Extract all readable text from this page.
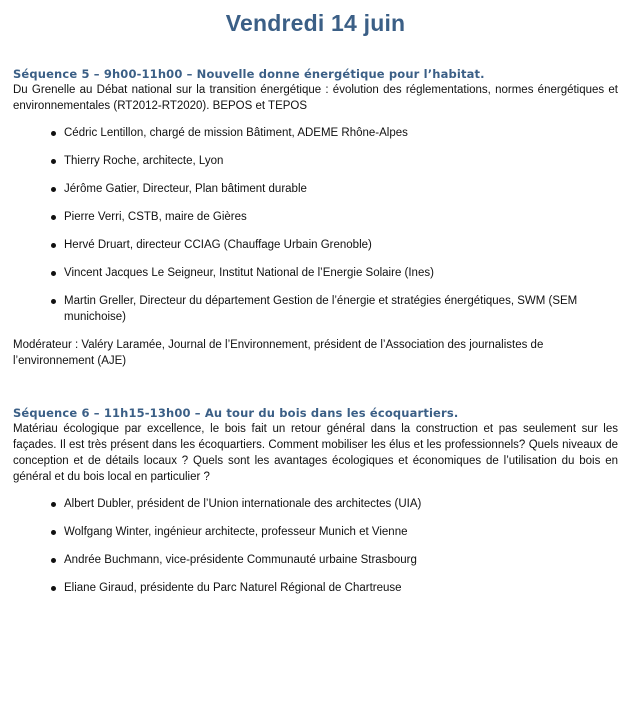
Vendredi 14 juin

Séquence 5 – 9h00-11h00 – Nouvelle donne énergétique pour l’habitat.

Du Grenelle au Débat national sur la transition énergétique : évolution des réglementations, normes énergétiques et environnementales (RT2012-RT2020). BEPOS et TEPOS

Cédric Lentillon, chargé de mission Bâtiment, ADEME Rhône-Alpes
Thierry Roche, architecte, Lyon
Jérôme Gatier, Directeur, Plan bâtiment durable
Pierre Verri, CSTB, maire de Gières
Hervé Druart, directeur CCIAG (Chauffage Urbain Grenoble)
Vincent Jacques Le Seigneur, Institut National de l’Energie Solaire (Ines)
Martin Greller, Directeur du département Gestion de l’énergie et stratégies énergétiques, SWM (SEM munichoise)

Modérateur : Valéry Laramée, Journal de l’Environnement, président de l’Association des journalistes de l’environnement (AJE)

Séquence 6 – 11h15-13h00 – Au tour du bois dans les écoquartiers.

Matériau écologique par excellence, le bois fait un retour général dans la construction et pas seulement sur les façades. Il est très présent dans les écoquartiers. Comment mobiliser les élus et les professionnels? Quels niveaux de conception et de détails locaux ? Quels sont les avantages écologiques et économiques de l’utilisation du bois en général et du bois local en particulier ?

Albert Dubler, président de l’Union internationale des architectes (UIA)
Wolfgang Winter, ingénieur architecte, professeur Munich et Vienne
Andrée Buchmann, vice-présidente Communauté urbaine Strasbourg
Eliane Giraud, présidente du Parc Naturel Régional de Chartreuse
